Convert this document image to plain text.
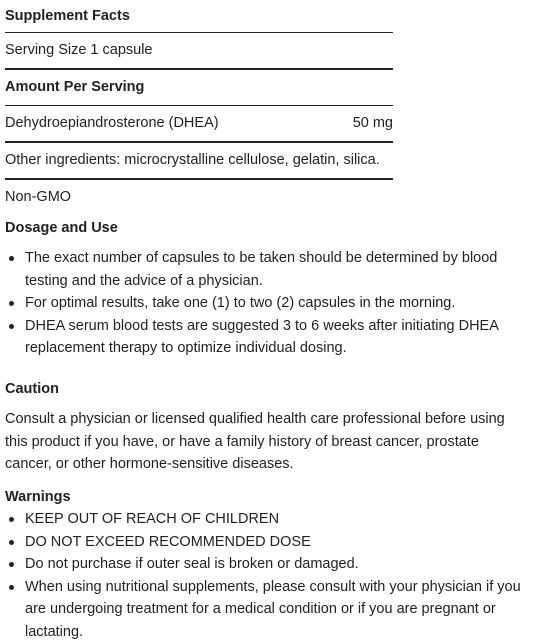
Supplement Facts
Serving Size 1 capsule
Amount Per Serving
Dehydroepiandrosterone (DHEA)	50 mg
Other ingredients: microcrystalline cellulose, gelatin, silica.
Non-GMO
Dosage and Use
The exact number of capsules to be taken should be determined by blood testing and the advice of a physician.
For optimal results, take one (1) to two (2) capsules in the morning.
DHEA serum blood tests are suggested 3 to 6 weeks after initiating DHEA replacement therapy to optimize individual dosing.
Caution
Consult a physician or licensed qualified health care professional before using this product if you have, or have a family history of breast cancer, prostate cancer, or other hormone-sensitive diseases.
Warnings
KEEP OUT OF REACH OF CHILDREN
DO NOT EXCEED RECOMMENDED DOSE
Do not purchase if outer seal is broken or damaged.
When using nutritional supplements, please consult with your physician if you are undergoing treatment for a medical condition or if you are pregnant or lactating.
